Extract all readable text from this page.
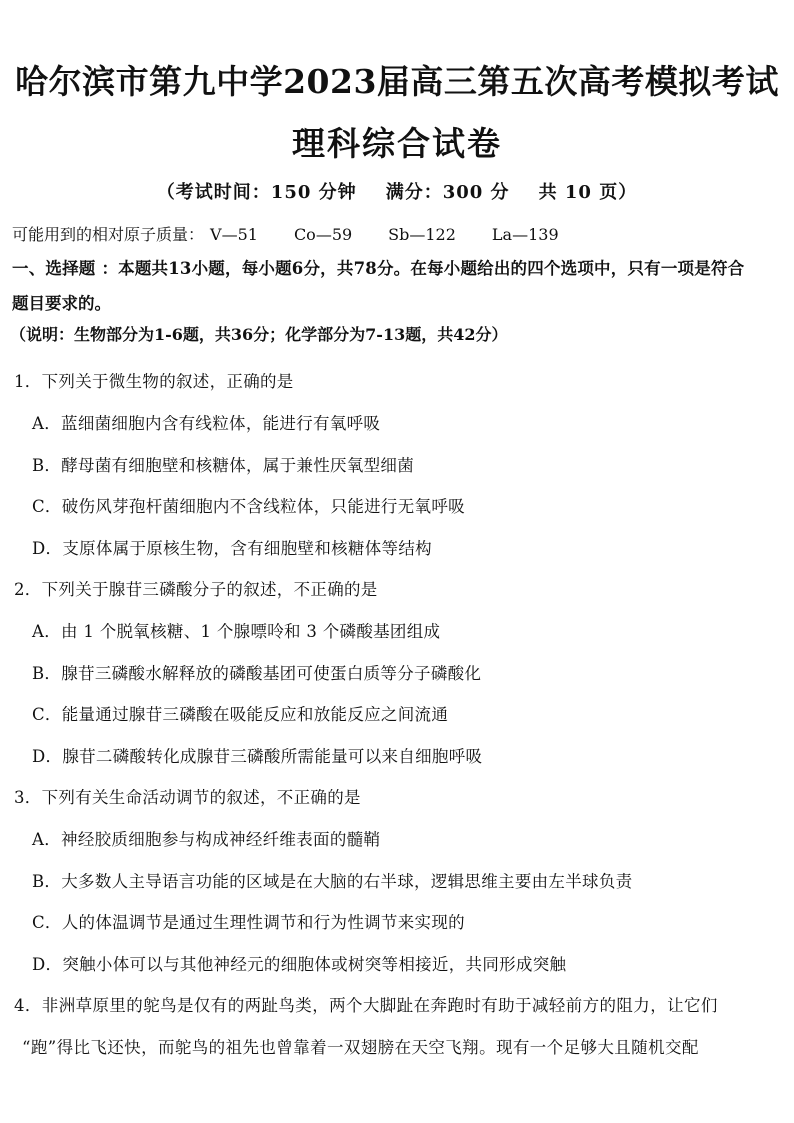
哈尔滨市第九中学2023届高三第五次高考模拟考试
理科综合试卷
（考试时间：150 分钟    满分：300 分    共 10 页）
可能用到的相对原子质量： V—51 Co—59 Sb—122 La—139
一、选择题 ：本题共13小题，每小题6分，共78分。在每小题给出的四个选项中，只有一项是符合
题目要求的。
（说明：生物部分为1-6题，共36分；化学部分为7-13题，共42分）
1．下列关于微生物的叙述，正确的是
A．蓝细菌细胞内含有线粒体，能进行有氧呼吸
B．酵母菌有细胞壁和核糖体，属于兼性厌氧型细菌
C．破伤风芽孢杆菌细胞内不含线粒体，只能进行无氧呼吸
D．支原体属于原核生物，含有细胞壁和核糖体等结构
2．下列关于腺苷三磷酸分子的叙述，不正确的是
A．由 1 个脱氧核糖、1 个腺嘌呤和 3 个磷酸基团组成
B．腺苷三磷酸水解释放的磷酸基团可使蛋白质等分子磷酸化
C．能量通过腺苷三磷酸在吸能反应和放能反应之间流通
D．腺苷二磷酸转化成腺苷三磷酸所需能量可以来自细胞呼吸
3．下列有关生命活动调节的叙述，不正确的是
A．神经胶质细胞参与构成神经纤维表面的髓鞘
B．大多数人主导语言功能的区域是在大脑的右半球，逻辑思维主要由左半球负责
C．人的体温调节是通过生理性调节和行为性调节来实现的
D．突触小体可以与其他神经元的细胞体或树突等相接近，共同形成突触
4．非洲草原里的鸵鸟是仅有的两趾鸟类，两个大脚趾在奔跑时有助于减轻前方的阻力，让它们
“跑”得比飞还快，而鸵鸟的祖先也曾靠着一双翅膀在天空飞翔。现有一个足够大且随机交配
